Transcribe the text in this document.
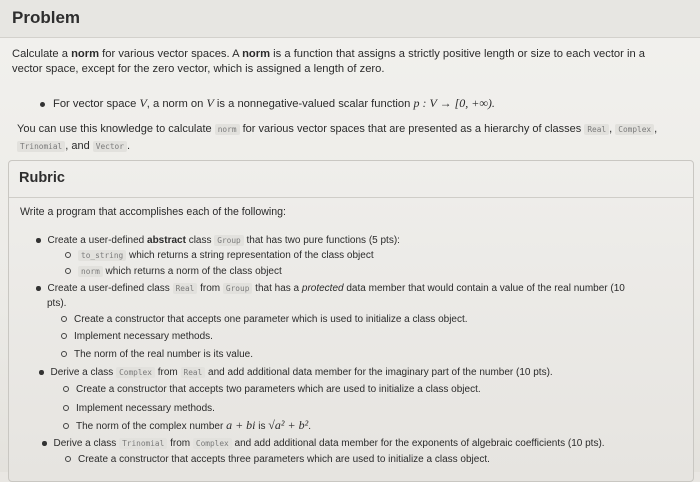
Problem

Calculate a norm for various vector spaces. A norm is a function that assigns a strictly positive length or size to each vector in a vector space, except for the zero vector, which is assigned a length of zero.

For vector space V, a norm on V is a nonnegative-valued scalar function p : V → [0, +∞).

You can use this knowledge to calculate norm for various vector spaces that are presented as a hierarchy of classes Real , Complex ,
Trinomial , and Vector .

Rubric

Write a program that accomplishes each of the following:

Create a user-defined abstract class Group that has two pure functions (5 pts):

to_string which returns a string representation of the class object

norm which returns a norm of the class object

Create a user-defined class Real from Group that has a protected data member that would contain a value of the real number (10

pts).

Create a constructor that accepts one parameter which is used to initialize a class object.

Implement necessary methods.

The norm of the real number is its value.

Derive a class Complex from Real and add additional data member for the imaginary part of the number (10 pts).

Create a constructor that accepts two parameters which are used to initialize a class object.

Implement necessary methods.

The norm of the complex number a + bi is √a² + b².

Derive a class Trinomial from Complex and add additional data member for the exponents of algebraic coefficients (10 pts).

Create a constructor that accepts three parameters which are used to initialize a class object.
